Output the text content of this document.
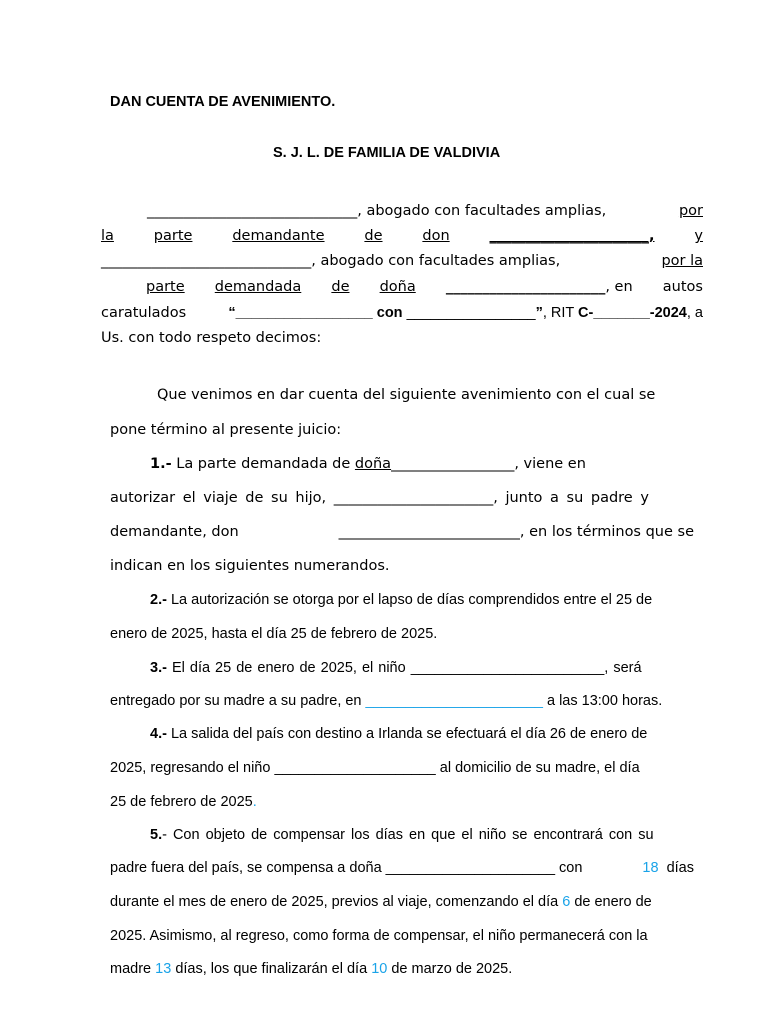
DAN CUENTA DE AVENIMIENTO.
S. J. L. DE FAMILIA DE VALDIVIA
_____________________________, abogado con facultades amplias,	por
la	parte	demandante	de	don	______________________,	y
_____________________________, abogado con facultades amplias,	por la
parte demandada de doña ______________________, en autos
caratulados	“_________________ con ________________”, RIT C-_______-2024, a
Us. con todo respeto decimos:
Que venimos en dar cuenta del siguiente avenimiento con el cual se
pone término al presente juicio:
1.- La parte demandada de doña_________________, viene en
autorizar el viaje de su hijo, ______________________, junto a su padre y
demandante, don	_________________________, en los términos que se
indican en los siguientes numerandos.
2.- La autorización se otorga por el lapso de días comprendidos entre el 25 de
enero de 2025, hasta el día 25 de febrero de 2025.
3.- El día 25 de enero de 2025, el niño ________________________, será
entregado por su madre a su padre, en ______________________ a las 13:00 horas.
4.- La salida del país con destino a Irlanda se efectuará el día 26 de enero de
2025, regresando el niño ____________________ al domicilio de su madre, el día
25 de febrero de 2025.
5.- Con objeto de compensar los días en que el niño se encontrará con su
padre fuera del país, se compensa a doña _____________________ con	18 días
durante el mes de enero de 2025, previos al viaje, comenzando el día 6 de enero de
2025. Asimismo, al regreso, como forma de compensar, el niño permanecerá con la
madre 13 días, los que finalizarán el día 10 de marzo de 2025.
